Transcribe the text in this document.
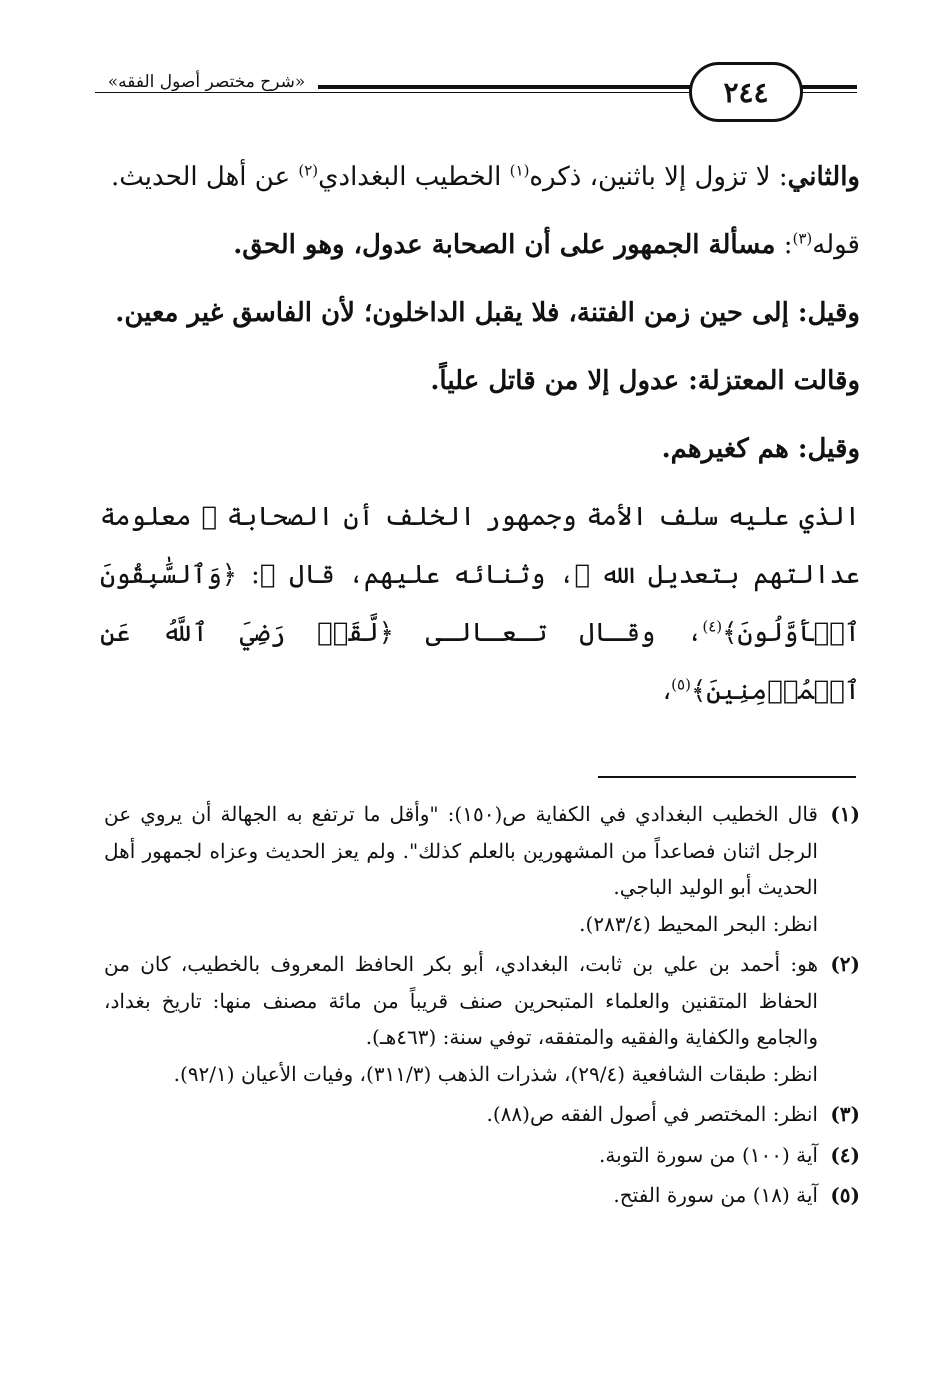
٢٤٤
«شرح مختصر أصول الفقه»

والثاني: لا تزول إلا باثنين، ذكره$^{(١)}$ الخطيب البغدادي$^{(٢)}$ عن أهل الحديث.

قوله$^{(٣)}$: مسألة الجمهور على أن الصحابة عدول، وهو الحق.

وقيل: إلى حين زمن الفتنة، فلا يقبل الداخلون؛ لأن الفاسق غير معين.

وقالت المعتزلة: عدول إلا من قاتل علياً.

وقيل: هم كغيرهم.

الذي عليه سلف الأمة وجمهور الخلف أن الصحابة ﷺ معلومة عدالتهم بتعديل الله ﷻ، وثنائه عليهم، قال ﷻ: ﴿وَٱلسَّٰبِقُونَ ٱلۡأَوَّلُونَ﴾$^{(٤)}$، وقـال تـعـالـى ﴿لَّقَدۡ رَضِيَ ٱللَّهُ عَنِ ٱلۡمُؤۡمِنِينَ﴾$^{(٥)}$،

(١)

قال الخطيب البغدادي في الكفاية ص(١٥٠): "وأقل ما ترتفع به الجهالة أن يروي عن الرجل اثنان فصاعداً من المشهورين بالعلم كذلك". ولم يعز الحديث وعزاه لجمهور أهل الحديث أبو الوليد الباجي.

انظر: البحر المحيط (٢٨٣/٤).

(٢)

هو: أحمد بن علي بن ثابت، البغدادي، أبو بكر الحافظ المعروف بالخطيب، كان من الحفاظ المتقنين والعلماء المتبحرين صنف قريباً من مائة مصنف منها: تاريخ بغداد، والجامع والكفاية والفقيه والمتفقه، توفي سنة: (٤٦٣هـ).

انظر: طبقات الشافعية (٢٩/٤)، شذرات الذهب (٣١١/٣)، وفيات الأعيان (٩٢/١).

(٣)

انظر: المختصر في أصول الفقه ص(٨٨).

(٤)

آية (١٠٠) من سورة التوبة.

(٥)

آية (١٨) من سورة الفتح.
